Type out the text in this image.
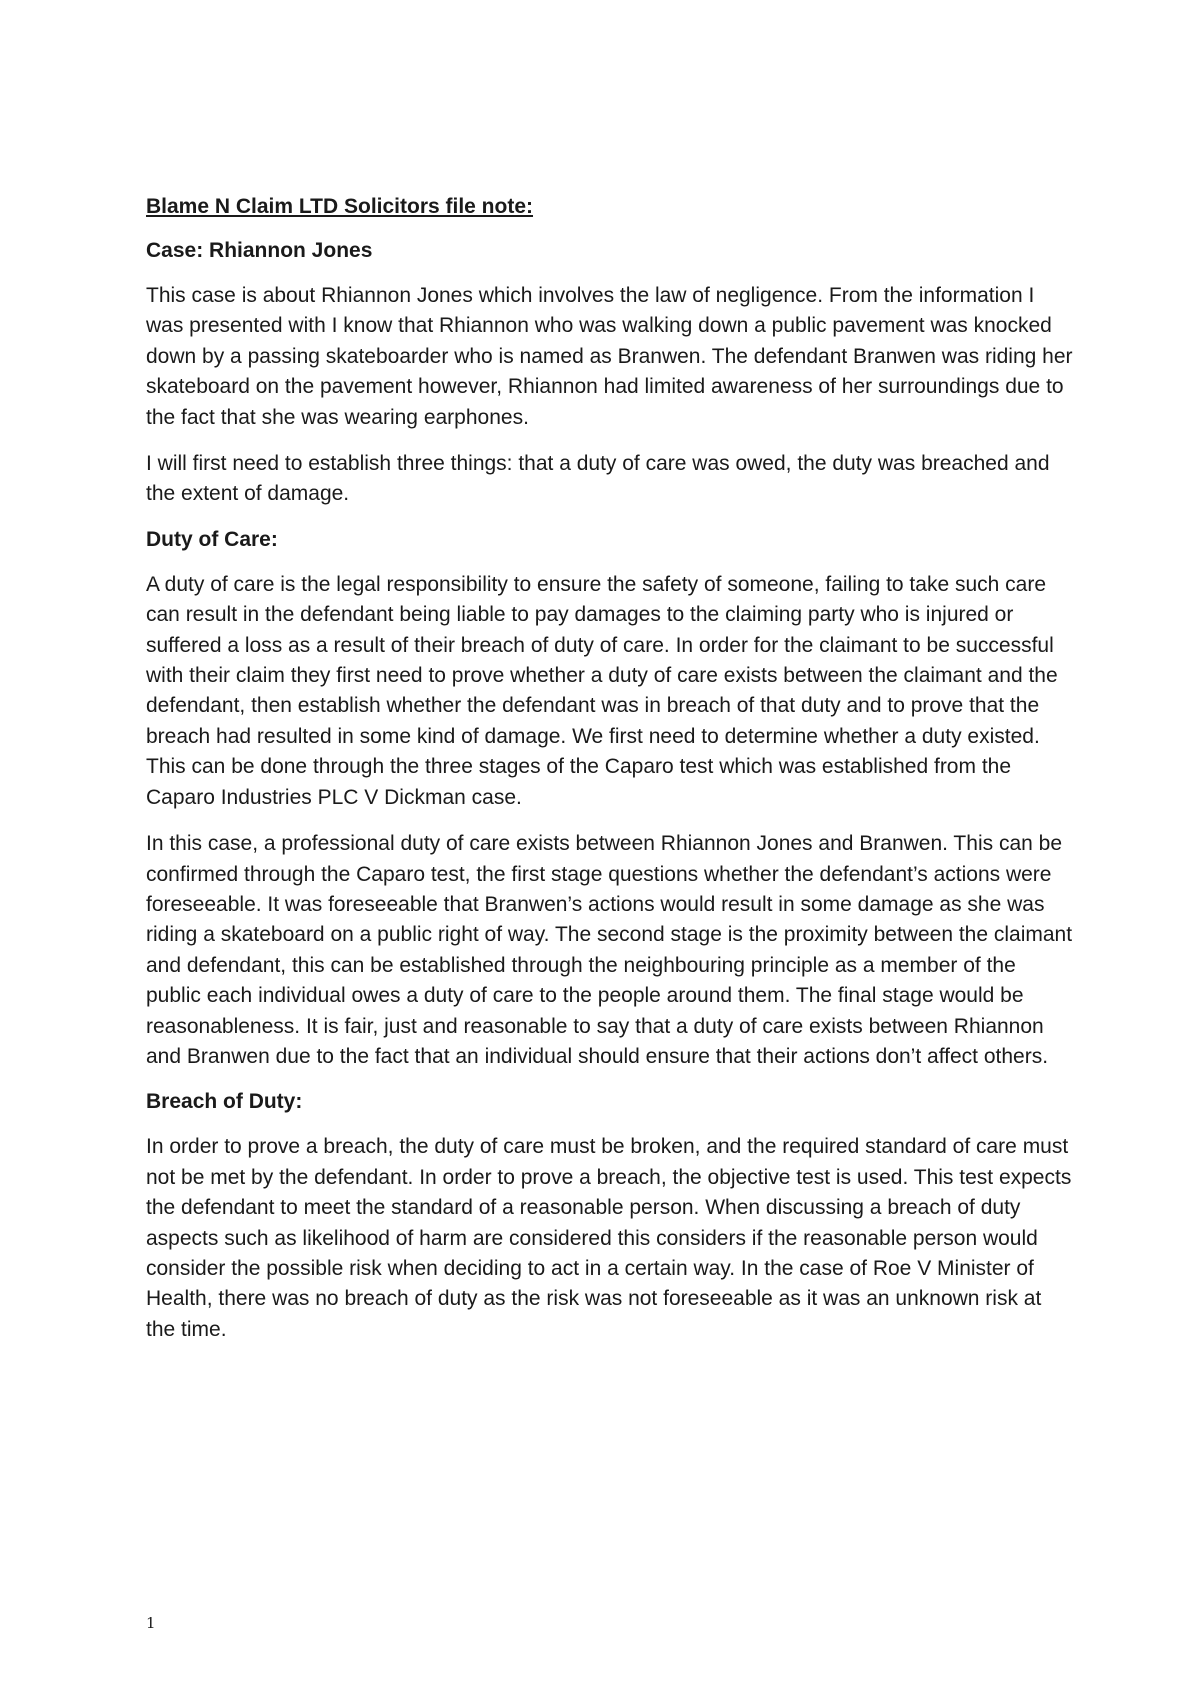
Blame N Claim LTD Solicitors file note:

Case: Rhiannon Jones

This case is about Rhiannon Jones which involves the law of negligence. From the information I was presented with I know that Rhiannon who was walking down a public pavement was knocked down by a passing skateboarder who is named as Branwen. The defendant Branwen was riding her skateboard on the pavement however, Rhiannon had limited awareness of her surroundings due to the fact that she was wearing earphones.

I will first need to establish three things: that a duty of care was owed, the duty was breached and the extent of damage.

Duty of Care:

A duty of care is the legal responsibility to ensure the safety of someone, failing to take such care can result in the defendant being liable to pay damages to the claiming party who is injured or suffered a loss as a result of their breach of duty of care. In order for the claimant to be successful with their claim they first need to prove whether a duty of care exists between the claimant and the defendant, then establish whether the defendant was in breach of that duty and to prove that the breach had resulted in some kind of damage. We first need to determine whether a duty existed. This can be done through the three stages of the Caparo test which was established from the Caparo Industries PLC V Dickman case.

In this case, a professional duty of care exists between Rhiannon Jones and Branwen. This can be confirmed through the Caparo test, the first stage questions whether the defendant’s actions were foreseeable. It was foreseeable that Branwen’s actions would result in some damage as she was riding a skateboard on a public right of way. The second stage is the proximity between the claimant and defendant, this can be established through the neighbouring principle as a member of the public each individual owes a duty of care to the people around them. The final stage would be reasonableness. It is fair, just and reasonable to say that a duty of care exists between Rhiannon and Branwen due to the fact that an individual should ensure that their actions don’t affect others.

Breach of Duty:

In order to prove a breach, the duty of care must be broken, and the required standard of care must not be met by the defendant. In order to prove a breach, the objective test is used. This test expects the defendant to meet the standard of a reasonable person. When discussing a breach of duty aspects such as likelihood of harm are considered this considers if the reasonable person would consider the possible risk when deciding to act in a certain way. In the case of Roe V Minister of Health, there was no breach of duty as the risk was not foreseeable as it was an unknown risk at the time.

1
